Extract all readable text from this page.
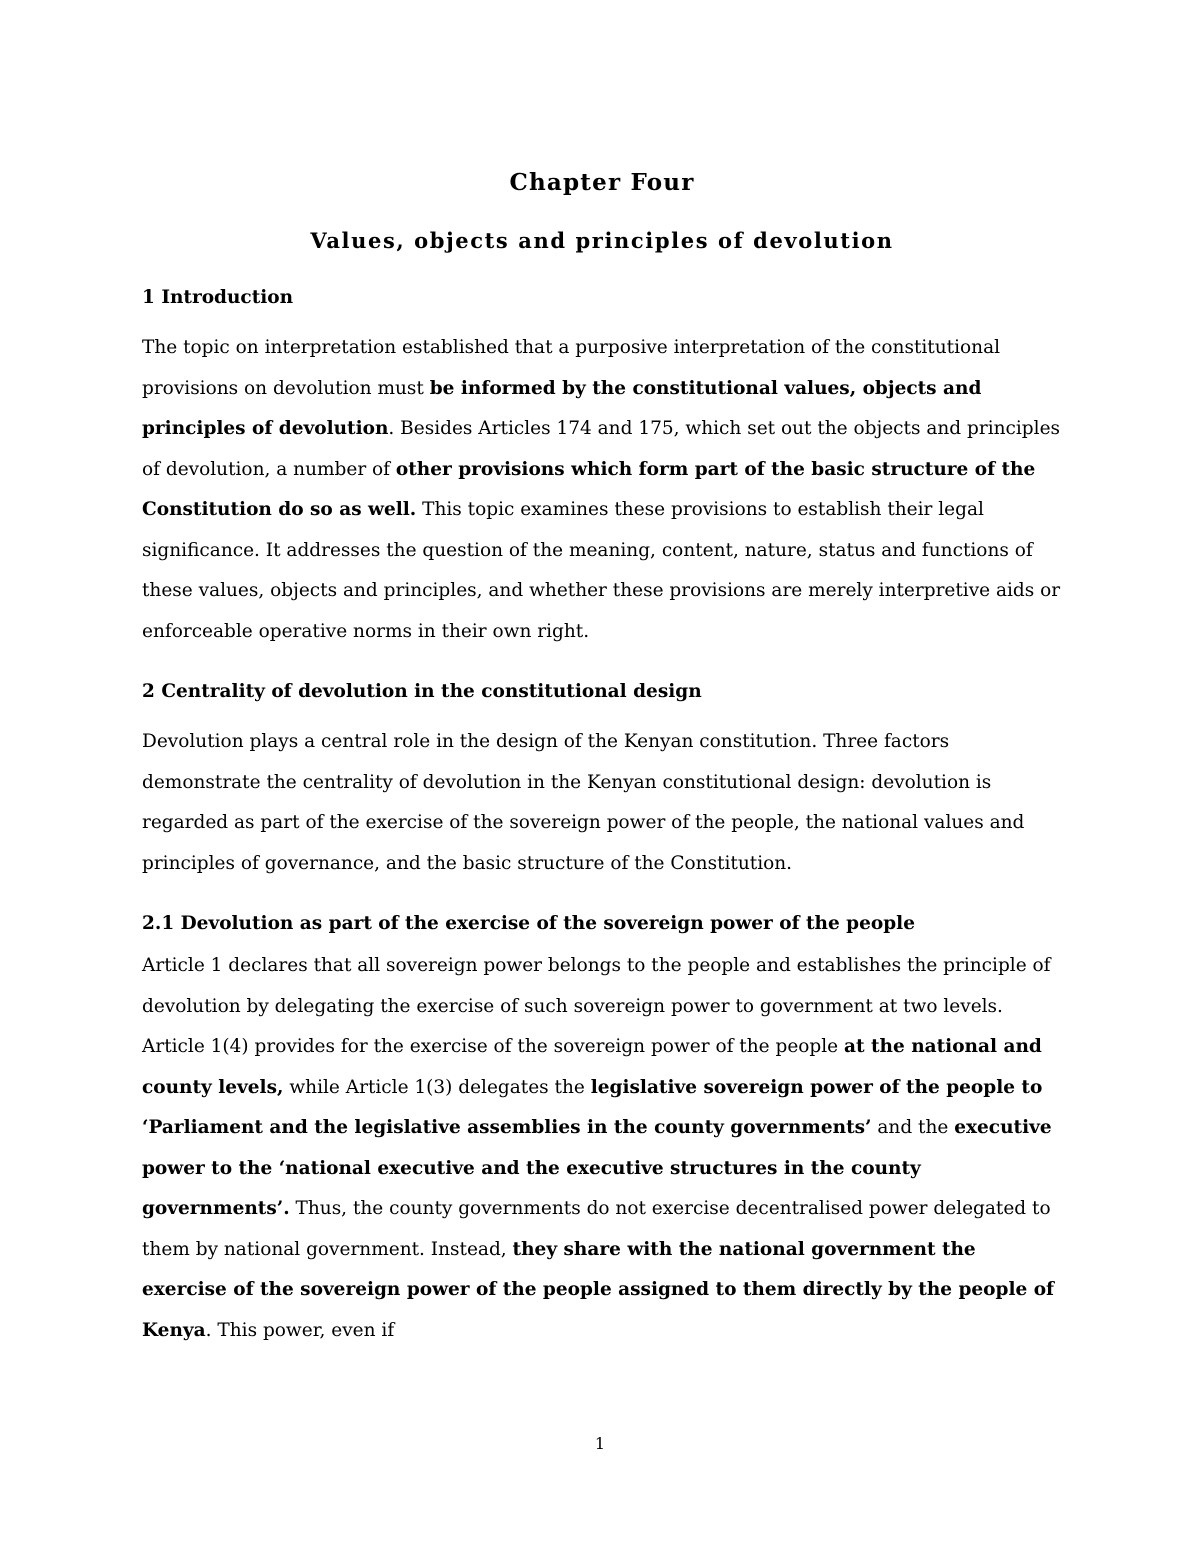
Chapter Four
Values, objects and principles of devolution
1 Introduction

The topic on interpretation established that a purposive interpretation of the constitutional provisions on devolution must be informed by the constitutional values, objects and principles of devolution. Besides Articles 174 and 175, which set out the objects and principles of devolution, a number of other provisions which form part of the basic structure of the Constitution do so as well. This topic examines these provisions to establish their legal significance. It addresses the question of the meaning, content, nature, status and functions of these values, objects and principles, and whether these provisions are merely interpretive aids or enforceable operative norms in their own right.

2 Centrality of devolution in the constitutional design

Devolution plays a central role in the design of the Kenyan constitution. Three factors demonstrate the centrality of devolution in the Kenyan constitutional design: devolution is regarded as part of the exercise of the sovereign power of the people, the national values and principles of governance, and the basic structure of the Constitution.

2.1 Devolution as part of the exercise of the sovereign power of the people

Article 1 declares that all sovereign power belongs to the people and establishes the principle of devolution by delegating the exercise of such sovereign power to government at two levels. Article 1(4) provides for the exercise of the sovereign power of the people at the national and county levels, while Article 1(3) delegates the legislative sovereign power of the people to ‘Parliament and the legislative assemblies in the county governments’ and the executive power to the ‘national executive and the executive structures in the county governments’. Thus, the county governments do not exercise decentralised power delegated to them by national government. Instead, they share with the national government the exercise of the sovereign power of the people assigned to them directly by the people of Kenya. This power, even if

1
